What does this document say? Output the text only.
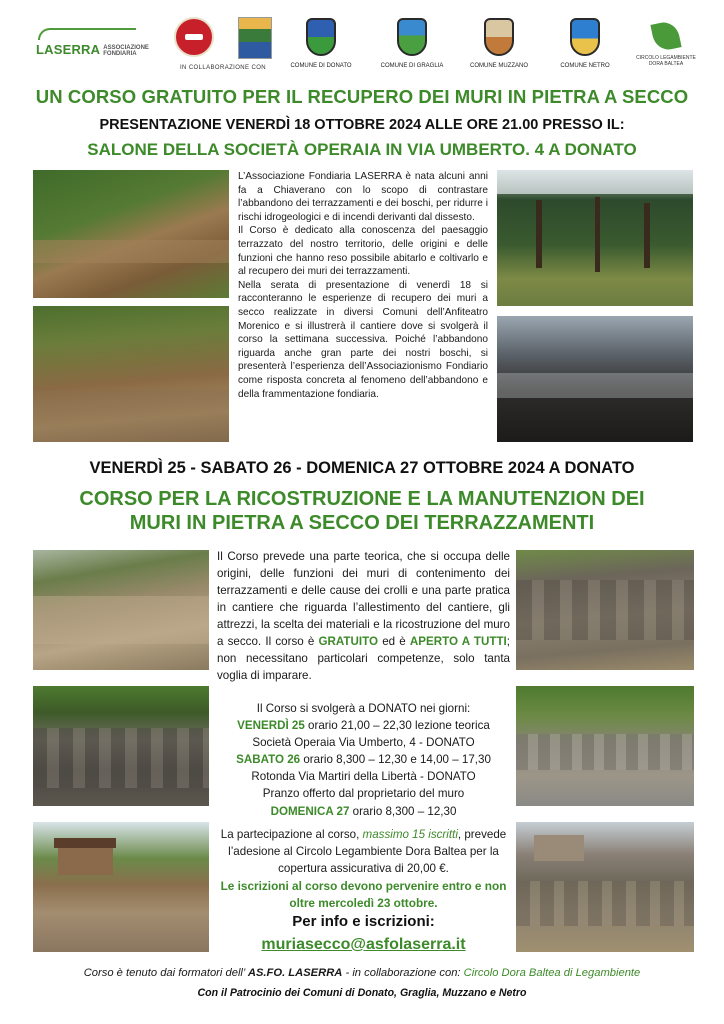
LASERRA ASSOCIAZIONE
FONDIARIA
IN COLLABORAZIONE CON	COMUNE DI DONATO	COMUNE DI GRAGLIA	COMUNE MUZZANO	COMUNE NETRO
CIRCOLO LEGAMBIENTE
DORA BALTEA
UN CORSO GRATUITO PER IL RECUPERO DEI MURI IN PIETRA A SECCO
PRESENTAZIONE VENERDÌ 18 OTTOBRE 2024 ALLE ORE 21.00 PRESSO IL:
SALONE DELLA SOCIETÀ OPERAIA IN VIA UMBERTO. 4 A DONATO

L’Associazione Fondiaria LASERRA è nata alcuni anni fa a Chiaverano con lo scopo di contrastare l’abbandono dei terrazzamenti e dei boschi, per ridurre i rischi idrogeologici e di incendi derivanti dal dissesto.

Il Corso è dedicato alla conoscenza del paesaggio terrazzato del nostro territorio, delle origini e delle funzioni che hanno reso possibile abitarlo e coltivarlo e al recupero dei muri dei terrazzamenti.

Nella serata di presentazione di venerdì 18 si racconteranno le esperienze di recupero dei muri a secco realizzate in diversi Comuni dell’Anfiteatro Morenico e si illustrerà il cantiere dove si svolgerà il corso la settimana successiva. Poiché l’abbandono riguarda anche gran parte dei nostri boschi, si presenterà l’esperienza dell’Associazionismo Fondiario come risposta concreta al fenomeno dell’abbandono e della frammentazione fondiaria.

VENERDÌ 25 - SABATO 26 - DOMENICA 27 OTTOBRE 2024 A DONATO
CORSO PER LA RICOSTRUZIONE E LA MANUTENZION DEI
MURI IN PIETRA A SECCO DEI TERRAZZAMENTI
Il Corso prevede una parte teorica, che si occupa delle origini, delle funzioni dei muri di contenimento dei terrazzamenti e delle cause dei crolli e una parte pratica in cantiere che riguarda l’allestimento del cantiere, gli attrezzi, la scelta dei materiali e la ricostruzione del muro a secco. Il corso è GRATUITO ed è APERTO A TUTTI; non necessitano particolari competenze, solo tanta voglia di imparare.
Il Corso si svolgerà a DONATO nei giorni:
VENERDÌ 25 orario 21,00 – 22,30 lezione teorica
Società Operaia Via Umberto, 4 - DONATO
SABATO 26 orario 8,300 – 12,30 e 14,00 – 17,30
Rotonda Via Martiri della Libertà - DONATO
Pranzo offerto dal proprietario del muro
DOMENICA 27 orario 8,300 – 12,30
La partecipazione al corso, massimo 15 iscritti, prevede l’adesione al Circolo Legambiente Dora Baltea per la copertura assicurativa di 20,00 €.
Le iscrizioni al corso devono pervenire entro e non oltre mercoledì 23 ottobre.
Per info e iscrizioni:
muriasecco@asfolaserra.it
Corso è tenuto dai formatori dell’ AS.FO. LASERRA - in collaborazione con: Circolo Dora Baltea di Legambiente
Con il Patrocinio dei Comuni di Donato, Graglia, Muzzano e Netro
